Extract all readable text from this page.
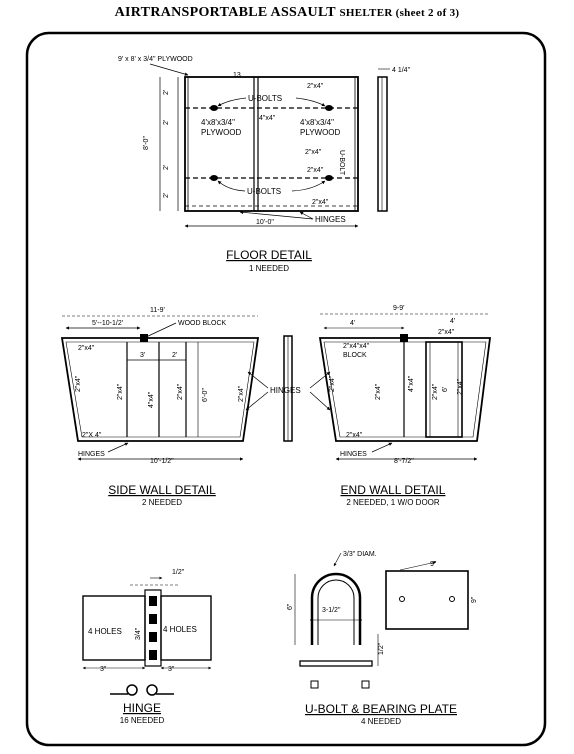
AIRTRANSPORTABLE ASSAULT SHELTER (sheet 2 of 3)
9' x 8' x 3/4" PLYWOOD
13
U-BOLTS
U-BOLTS
2"x4"
4"x4"
4'x8'x3/4"
PLYWOOD
4'x8'x3/4"
PLYWOOD
2"x4"
2"x4"
2"x4"
U-BOLT
8'-0"
2'
2'
2'
2'
10'-0"	HINGES
4 1/4"
FLOOR DETAIL
1 NEEDED
11-9'
5'--10-1/2'	WOOD BLOCK
2"x4"
3'	2'
2"x4"	2"x4"	4"x4"	2"x4"	6'-0"	2"x4"
2"X 4"
10'-1/2"
HINGES
SIDE WALL DETAIL
2 NEEDED
HINGES
9-9'
4'	4'
2"x4"
2"x4"x4"
BLOCK
2"x4"	4"x4" 2"x4" 6' 2"x4"
2"x4"
2"x4"
8'-7/2"
HINGES
END WALL DETAIL
2 NEEDED, 1 W/O DOOR
1/2"
4 HOLES	4 HOLES
3/4"
3"	3"
HINGE
16 NEEDED
3/3" DIAM.
3-1/2"
6"
1/2"
9"
9"
U-BOLT & BEARING PLATE
4 NEEDED
